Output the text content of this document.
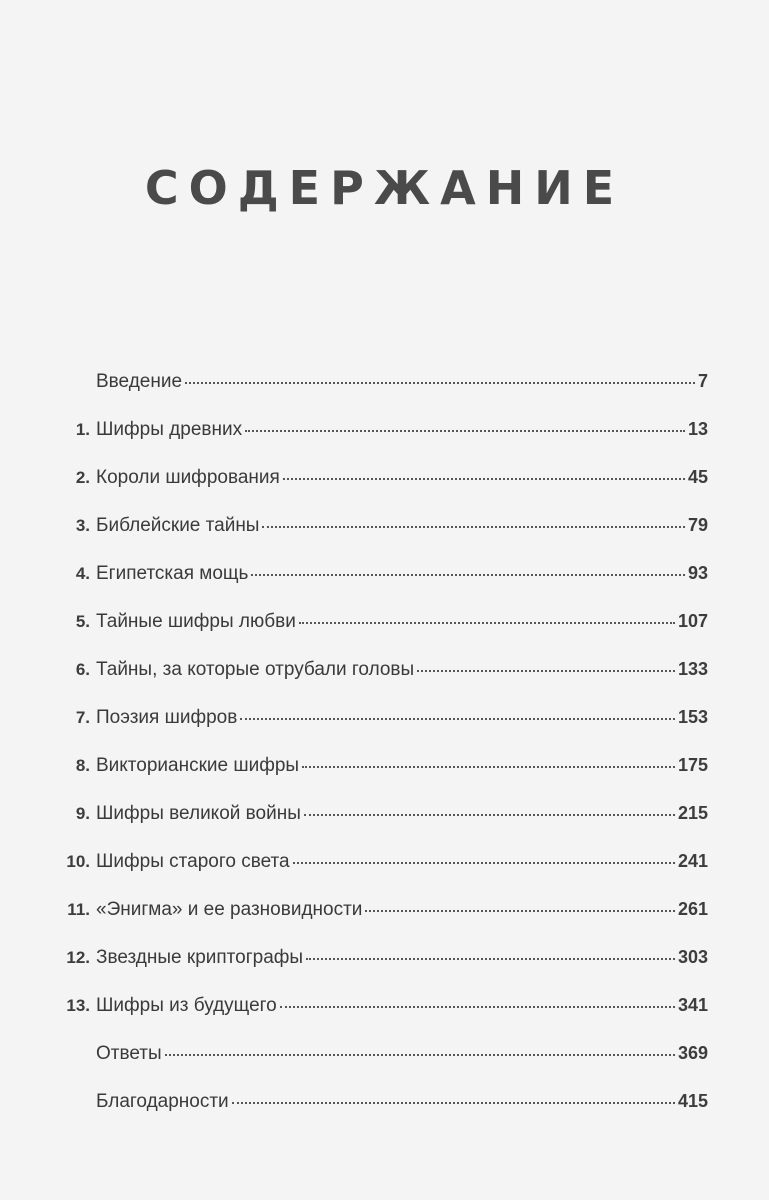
СОДЕРЖАНИЕ
Введение	7
1. Шифры древних	13
2. Короли шифрования	45
3. Библейские тайны	79
4. Египетская мощь	93
5. Тайные шифры любви	107
6. Тайны, за которые отрубали головы	133
7. Поэзия шифров	153
8. Викторианские шифры	175
9. Шифры великой войны	215
10. Шифры старого света	241
11. «Энигма» и ее разновидности	261
12. Звездные криптографы	303
13. Шифры из будущего	341
Ответы	369
Благодарности	415
